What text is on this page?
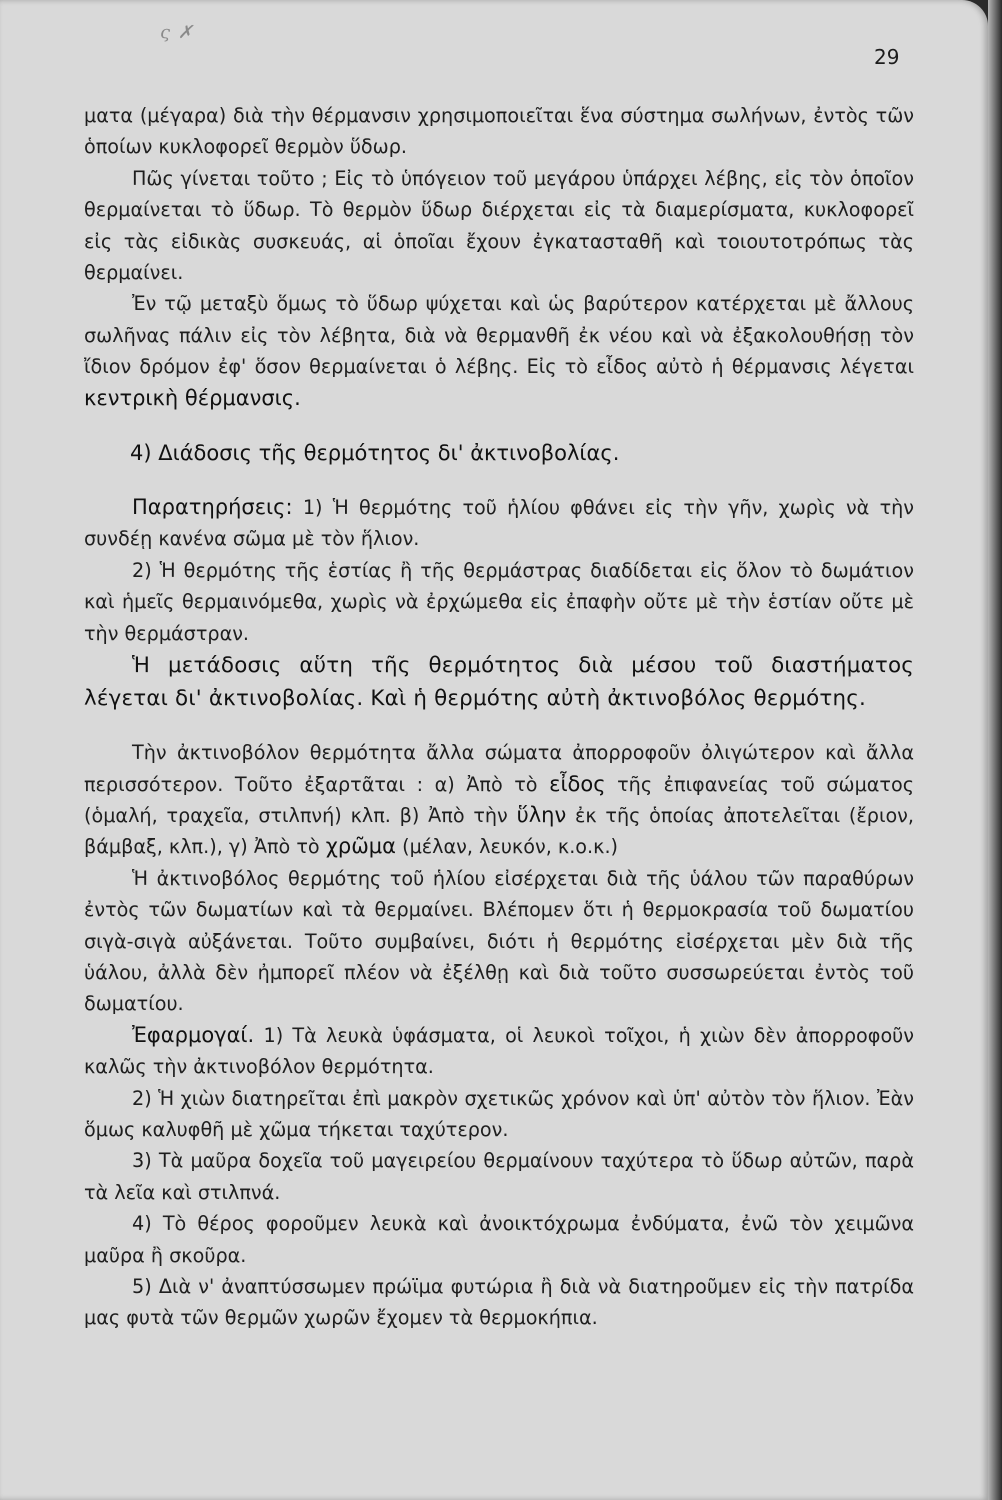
ς ✗
29

ματα (μέγαρα) διὰ τὴν θέρμανσιν χρησιμοποιεῖται ἕνα σύστημα σωλήνων, ἐντὸς τῶν ὁποίων κυκλοφορεῖ θερμὸν ὕδωρ.

Πῶς γίνεται τοῦτο ; Εἰς τὸ ὑπόγειον τοῦ μεγάρου ὑπάρχει λέβης, εἰς τὸν ὁποῖον θερμαίνεται τὸ ὕδωρ. Τὸ θερμὸν ὕδωρ διέρχεται εἰς τὰ διαμερίσματα, κυκλοφορεῖ εἰς τὰς εἰδικὰς συσκευάς, αἱ ὁποῖαι ἔχουν ἐγκατασταθῆ καὶ τοιουτοτρόπως τὰς θερμαίνει.

Ἐν τῷ μεταξὺ ὅμως τὸ ὕδωρ ψύχεται καὶ ὡς βαρύτερον κατέρχεται μὲ ἄλλους σωλῆνας πάλιν εἰς τὸν λέβητα, διὰ νὰ θερμανθῆ ἐκ νέου καὶ νὰ ἐξακολουθήσῃ τὸν ἴδιον δρόμον ἐφ' ὅσον θερμαίνεται ὁ λέβης. Εἰς τὸ εἶδος αὐτὸ ἡ θέρμανσις λέγεται κεντρικὴ θέρμανσις.

4) Διάδοσις τῆς θερμότητος δι' ἀκτινοβολίας.

Παρατηρήσεις: 1) Ἡ θερμότης τοῦ ἡλίου φθάνει εἰς τὴν γῆν, χωρὶς νὰ τὴν συνδέῃ κανένα σῶμα μὲ τὸν ἥλιον.

2) Ἡ θερμότης τῆς ἑστίας ἢ τῆς θερμάστρας διαδίδεται εἰς ὅλον τὸ δωμάτιον καὶ ἡμεῖς θερμαινόμεθα, χωρὶς νὰ ἐρχώμεθα εἰς ἐπαφὴν οὔτε μὲ τὴν ἑστίαν οὔτε μὲ τὴν θερμάστραν.

Ἡ μετάδοσις αὕτη τῆς θερμότητος διὰ μέσου τοῦ διαστήματος λέγεται δι' ἀκτινοβολίας. Καὶ ἡ θερμότης αὐτὴ ἀκτινοβόλος θερμότης.

Τὴν ἀκτινοβόλον θερμότητα ἄλλα σώματα ἀπορροφοῦν ὀλιγώτερον καὶ ἄλλα περισσότερον. Τοῦτο ἐξαρτᾶται : α) Ἀπὸ τὸ εἶδος τῆς ἐπιφανείας τοῦ σώματος (ὁμαλή, τραχεῖα, στιλπνή) κλπ. β) Ἀπὸ τὴν ὕλην ἐκ τῆς ὁποίας ἀποτελεῖται (ἔριον, βάμβαξ, κλπ.), γ) Ἀπὸ τὸ χρῶμα (μέλαν, λευκόν, κ.ο.κ.)

Ἡ ἀκτινοβόλος θερμότης τοῦ ἡλίου εἰσέρχεται διὰ τῆς ὑάλου τῶν παραθύρων ἐντὸς τῶν δωματίων καὶ τὰ θερμαίνει. Βλέπομεν ὅτι ἡ θερμοκρασία τοῦ δωματίου σιγὰ-σιγὰ αὐξάνεται. Τοῦτο συμβαίνει, διότι ἡ θερμότης εἰσέρχεται μὲν διὰ τῆς ὑάλου, ἀλλὰ δὲν ἠμπορεῖ πλέον νὰ ἐξέλθῃ καὶ διὰ τοῦτο συσσωρεύεται ἐντὸς τοῦ δωματίου.

Ἐφαρμογαί. 1) Τὰ λευκὰ ὑφάσματα, οἱ λευκοὶ τοῖχοι, ἡ χιὼν δὲν ἀπορροφοῦν καλῶς τὴν ἀκτινοβόλον θερμότητα.

2) Ἡ χιὼν διατηρεῖται ἐπὶ μακρὸν σχετικῶς χρόνον καὶ ὑπ' αὐτὸν τὸν ἥλιον. Ἐὰν ὅμως καλυφθῆ μὲ χῶμα τήκεται ταχύτερον.

3) Τὰ μαῦρα δοχεῖα τοῦ μαγειρείου θερμαίνουν ταχύτερα τὸ ὕδωρ αὐτῶν, παρὰ τὰ λεῖα καὶ στιλπνά.

4) Τὸ θέρος φοροῦμεν λευκὰ καὶ ἀνοικτόχρωμα ἐνδύματα, ἐνῶ τὸν χειμῶνα μαῦρα ἢ σκοῦρα.

5) Διὰ ν' ἀναπτύσσωμεν πρώϊμα φυτώρια ἢ διὰ νὰ διατηροῦμεν εἰς τὴν πατρίδα μας φυτὰ τῶν θερμῶν χωρῶν ἔχομεν τὰ θερμοκήπια.
